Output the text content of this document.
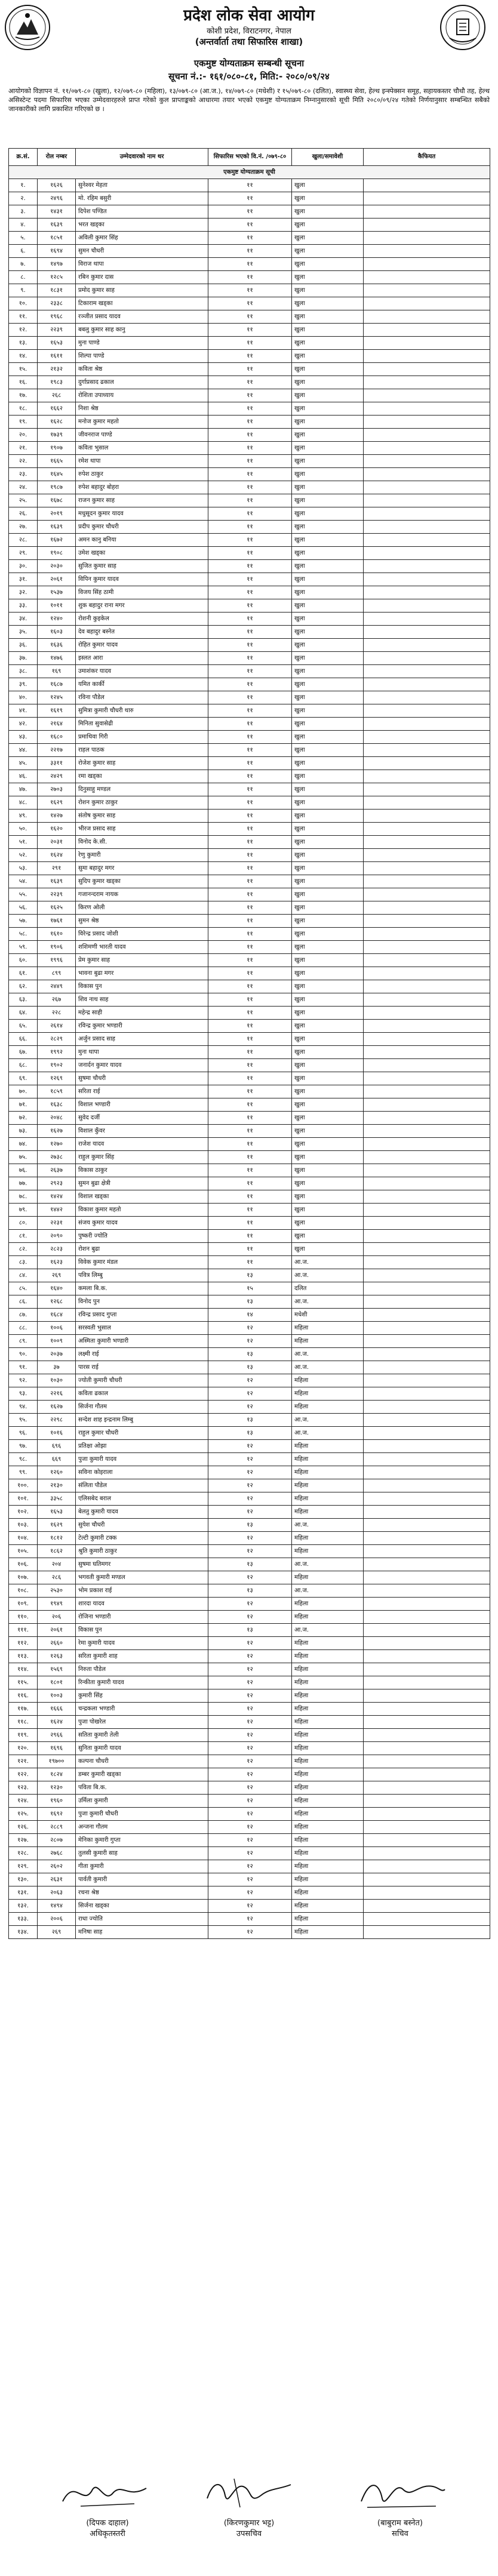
प्रदेश लोक सेवा आयोग
कोशी प्रदेश, विराटनगर, नेपाल
(अन्तर्वार्ता तथा सिफारिस शाखा)
एकमुष्ट योग्यताक्रम सम्बन्धी सूचना
सूचना नं.:- १६१/०८०-८१, मिति:- २०८०/०९/२४
आयोगको विज्ञापन नं. ११/०७९-८० (खुला), १२/०७९-८० (महिला), १३/०७९-८० (आ.ज.), १४/०७९-८० (मधेशी) र १५/०७९-८० (दलित), स्वास्थ्य सेवा, हेल्थ इन्स्पेक्सन समूह, सहायकस्तर चौथौ तह, हेल्थ असिस्टेन्ट पदमा सिफारिस भएका उम्मेदवारहरुले प्राप्त गरेको कुल प्राप्ताङ्कको आधारमा तयार भएको एकमुष्ट योग्यताक्रम निम्नानुसारको सूची मिति २०८०/०९/२४ गतेको निर्णयानुसार सम्बन्धित सबैको जानकारीको लागि प्रकाशित गरिएको छ ।
क्र.सं.	रोल नम्बर	उम्मेदवारको नाम थर	सिफारिस भएको वि.नं. /०७९-८०	खुला/समावेशी	कैफियत
एकमुष्ट योग्यताक्रम सूची					
१.	१६२६	सुनेश्वर मेहता	११	खुला	
२.	२४९६	मो. रहिम बसुरी	११	खुला	
३.	१४३१	दिपेश पण्डित	११	खुला	
४.	१६३९	भरत खड्का	११	खुला	
५.	१८५१	अविली कुमार सिंह	११	खुला	
६.	१६९४	सुमन चौधरी	११	खुला	
७.	१४९७	विराज थापा	११	खुला	
८.	१२८५	रबिन कुमार दास	११	खुला	
९.	१८३१	प्रमोद कुमार साह	११	खुला	
१०.	२३३८	टिकाराम खड्का	११	खुला	
११.	१९६८	रञ्जीत प्रसाद यादव	११	खुला	
१२.	२२३९	बबलु कुमार साह कानु	११	खुला	
१३.	१६५३	मुना पाण्डे	११	खुला	
१४.	१६११	शिल्पा पाण्डे	११	खुला	
१५.	२१३२	कविता श्रेष्ठ	११	खुला	
१६.	१९८३	दुर्गाप्रसाद ढकाल	११	खुला	
१७.	२६८	रोशिता उपाध्याय	११	खुला	
१८.	१६६२	निशा श्रेष्ठ	११	खुला	
१९.	१६२८	मनोज कुमार महतो	११	खुला	
२०.	१७३९	जीवनराज पाण्डे	११	खुला	
२१.	१९०७	कविता भुसाल	११	खुला	
२२.	१६६५	रमेश थापा	११	खुला	
२३.	१६४५	रुपेश ठाकुर	११	खुला	
२४.	१९८७	रुपेश बहादुर बोहरा	११	खुला	
२५.	१६७८	राजन कुमार साह	११	खुला	
२६.	२०१९	मधुसूदन कुमार यादव	११	खुला	
२७.	१६३९	प्रदीप कुमार चौधरी	११	खुला	
२८.	१६७२	अमन कानु बनिया	११	खुला	
२९.	१९०८	उमेश खड्का	११	खुला	
३०.	२०३०	सुजित कुमार साह	११	खुला	
३१.	२०६१	विपिन कुमार यादव	११	खुला	
३२.	१५३७	विजय सिंह ठामी	११	खुला	
३३.	१०११	शुक बहादुर राना मगर	११	खुला	
३४.	१२४०	रोशनी कुइकेल	११	खुला	
३५.	१६०३	देव बहादुर बस्नेत	११	खुला	
३६.	१६३६	रोहित कुमार यादव	११	खुला	
३७.	१४७६	इस्लत आरा	११	खुला	
३८.	१६९	उमाशंकर यादव	११	खुला	
३९.	१६८७	यमित कार्की	११	खुला	
४०.	१२४५	रविना पौडेल	११	खुला	
४१.	१६१९	सुमित्रा कुमारी चौधरी थारु	११	खुला	
४२.	२१६४	मिनिता सुवासेढी	११	खुला	
४३.	१६८०	प्रमाथिवा गिरी	११	खुला	
४४.	२२१७	राहल पाठक	११	खुला	
४५.	३३११	रोजेश कुमार साह	११	खुला	
४६.	२४२९	रमा खड्का	११	खुला	
४७.	२७०३	दिनुसाहु मण्डल	११	खुला	
४८.	१६२९	रोशन कुमार ठाकुर	११	खुला	
४९.	१४२७	संतोष कुमार साह	११	खुला	
५०.	१६२०	भीरज प्रसाद साह	११	खुला	
५१.	२०३१	विनोद के.सी.	११	खुला	
५२.	१६२४	रेणु कुमारी	११	खुला	
५३.	२९१	सुमा बहादुर मगर	११	खुला	
५४.	१६३९	सुदिप कुमार खड्का	११	खुला	
५५.	२२३९	गजानन्दराम नायक	११	खुला	
५६.	१६२५	किरण ओली	११	खुला	
५७.	१७६१	सुमन श्रेष्ठ	११	खुला	
५८.	१६१०	विरेन्द्र प्रसाद जोशी	११	खुला	
५९.	१९०६	शशिमणी भारती यादव	११	खुला	
६०.	१९९६	प्रेम कुमार साह	११	खुला	
६१.	८९९	भावना बुढा मगर	११	खुला	
६२.	२४४९	विकास पुन	११	खुला	
६३.	२६७	शिव नाथ साह	११	खुला	
६४.	२२८	महेन्द्र साही	११	खुला	
६५.	२६१४	रविन्द्र कुमार भण्डारी	११	खुला	
६६.	२८२९	अर्जुन प्रसाद साह	११	खुला	
६७.	१९९२	मुना थापा	११	खुला	
६८.	१९०२	जनार्दन कुमार यादव	११	खुला	
६९.	१२६९	सुषमा चौधरी	११	खुला	
७०.	१८५९	सरिता राई	११	खुला	
७१.	१६३८	विशाल भण्डारी	११	खुला	
७२.	२०४८	सुवेद दर्जी	११	खुला	
७३.	१६२७	विशाल कुँवर	११	खुला	
७४.	१२७०	राजेश यादव	११	खुला	
७५.	२७३८	राहुल कुमार सिंह	११	खुला	
७६.	२६३७	विकास ठाकुर	११	खुला	
७७.	२९२३	सुमन बुढा क्षेत्री	११	खुला	
७८.	१४२४	विशाल खड्का	११	खुला	
७९.	१४४२	विकाश कुमार महतो	११	खुला	
८०.	२२३१	संजय कुमार यादव	११	खुला	
८१.	२०९०	पुष्करी ज्योति	११	खुला	
८२.	२८२३	रोशन बुढा	११	खुला	
८३.	१६२३	विवेक कुमार मंडल	११	आ.ज.	
८४.	२६९	पवित्र लिम्बु	१३	आ.ज.	
८५.	१६४०	कमला बि.क.	१५	दलित	
८६.	१२६८	विनोद पुन	१३	आ.ज.	
८७.	१६८४	रविन्द्र प्रसाद गुप्ता	१४	मधेशी	
८८.	१००६	सरस्वती भुसाल	१२	महिला	
८९.	१००९	अस्मिता कुमारी भण्डारी	१२	महिला	
९०.	२०३७	लक्ष्मी राई	१३	आ.ज.	
९१.	३७	पारस राई	१३	आ.ज.	
९२.	१०३०	ज्योती कुमारी चौधरी	१२	महिला	
९३.	२२१६	कविता ढकाल	१२	महिला	
९४.	१६२७	सिर्जना गौतम	१२	महिला	
९५.	२२९८	सन्देश शाह इन्द्रनाम लिम्बु	१३	आ.ज.	
९६.	१०१६	राहुल कुमार चौधरी	१३	आ.ज.	
९७.	६९६	प्रतिक्षा ओझा	१२	महिला	
९८.	६६९	पुजा कुमारी यादव	१२	महिला	
९९.	१२६०	सविना कोइराला	१२	महिला	
१००.	२१३०	संलिता पौडेल	१२	महिला	
१०१.	३३५८	एलिसबेद बराल	१२	महिला	
१०२.	१६५३	बेलतु कुमारी यादव	१२	महिला	
१०३.	१६२९	सुयेश चौधरी	१३	आ.ज.	
१०४.	१८१२	टेल्टी कुमारी टक्क	१२	महिला	
१०५.	१८६२	श्रुति कुमारी ठाकुर	१२	महिला	
१०६.	२०४	सुषमा घतिमगर	१३	आ.ज.	
१०७.	२८६	भगवती कुमारी मण्डल	१२	महिला	
१०८.	२५३०	भोम प्रकाश राई	१३	आ.ज.	
१०९.	१९४९	शारदा यादव	१२	महिला	
११०.	२०६	रोजिना भण्डारी	१२	महिला	
१११.	२०६१	विकास पुन	१३	आ.ज.	
११२.	२६६०	रेमा कुमारी यादव	१२	महिला	
११३.	१२६३	सरिता कुमारी शाह	१२	महिला	
११४.	१५६९	निरुता पौडेल	१२	महिला	
११५.	१८०१	रिन्कीता कुमारी यादव	१२	महिला	
११६.	१००३	कुमारी सिंह	१२	महिला	
११७.	१६६६	चन्द्रकला भण्डारी	१२	महिला	
११८.	१६२४	पुजा पोखरेल	१२	महिला	
११९.	२९६६	सतिता कुमारी तेली	१२	महिला	
१२०.	१६९६	सुनिता कुमारी यादव	१२	महिला	
१२१.	१९७००	कल्पना चौधरी	१२	महिला	
१२२.	१८२४	डम्बर कुमारी खड्का	१२	महिला	
१२३.	१२३०	पविता बि.क.	१२	महिला	
१२४.	१९६०	उर्मिला कुमारी	१२	महिला	
१२५.	१६९२	पुजा कुमारी चौधरी	१२	महिला	
१२६.	२८८९	अन्जना गौतम	१२	महिला	
१२७.	२८०७	मेनिका कुमारी गुप्ता	१२	महिला	
१२८.	२७६८	तुलसी कुमारी साह	१२	महिला	
१२९.	२६०२	गीता कुमारी	१२	महिला	
१३०.	२६३१	पार्वती कुमारी	१२	महिला	
१३१.	२०६३	रचना श्रेष्ठ	१२	महिला	
१३२.	१४९४	सिर्जना खड्का	१२	महिला	
१३३.	२००६	राधा ज्योति	१२	महिला	
१३४.	२६९	मनिषा साह	१२	महिला	
(दिपक दाहाल)
अधिकृतस्तरी
(किरणकुमार भट्ट)
उपसचिव
(बाबुराम बस्नेत)
सचिव
